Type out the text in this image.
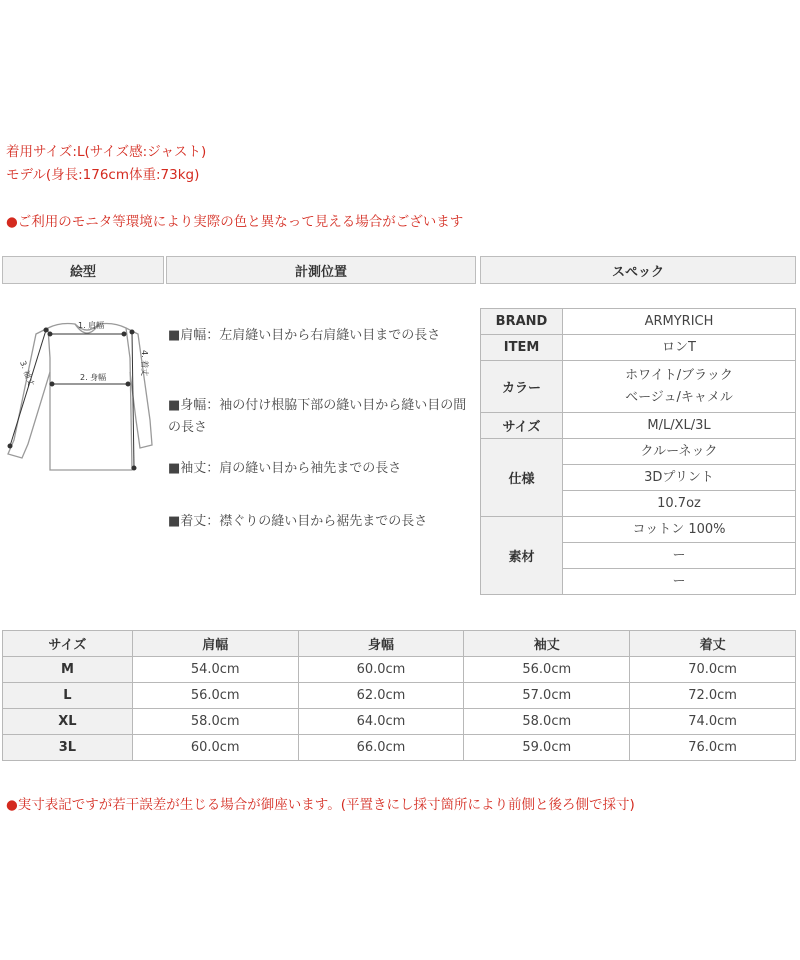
着用サイズ:L(サイズ感:ジャスト)
モデル(身長:176cm体重:73kg)
●ご利用のモニタ等環境により実際の色と異なって見える場合がございます
絵型	計測位置	スペック
1. 肩幅
2. 身幅
3. 袖丈	4. 着丈
■肩幅：左肩縫い目から右肩縫い目までの長さ
■身幅：袖の付け根脇下部の縫い目から縫い目の間の長さ
■袖丈：肩の縫い目から袖先までの長さ
■着丈：襟ぐりの縫い目から裾先までの長さ
BRAND	ARMYRICH
ITEM	ロンT
カラー	ホワイト/ブラック
ベージュ/キャメル

サイズ	M/L/XL/3L
仕様	クルーネック
	3Dプリント
	10.7oz
素材	コットン 100%
	ー
	ー
サイズ	肩幅	身幅	袖丈	着丈
M	54.0cm	60.0cm	56.0cm	70.0cm
L	56.0cm	62.0cm	57.0cm	72.0cm
XL	58.0cm	64.0cm	58.0cm	74.0cm
3L	60.0cm	66.0cm	59.0cm	76.0cm
●実寸表記ですが若干誤差が生じる場合が御座います。(平置きにし採寸箇所により前側と後ろ側で採寸)
